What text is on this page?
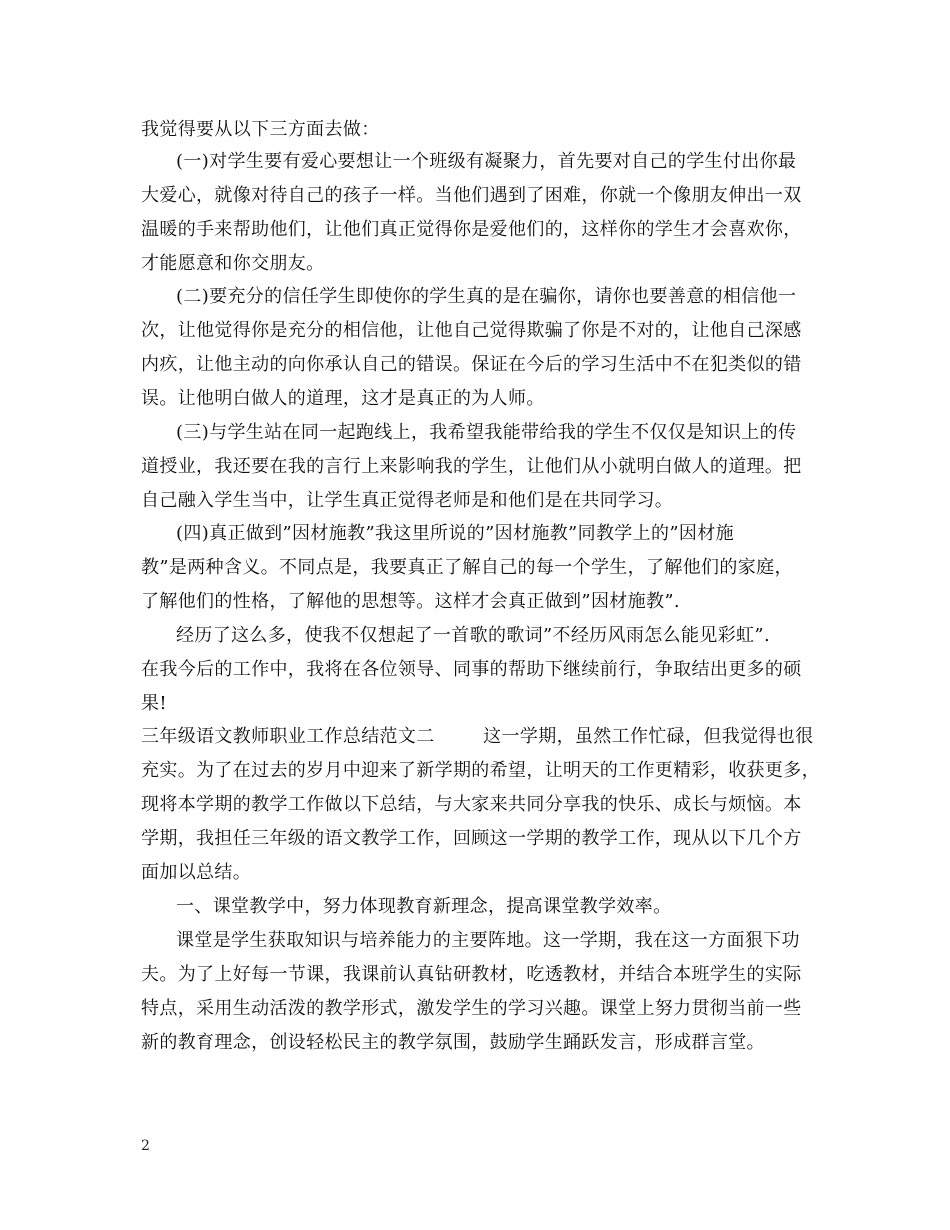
我觉得要从以下三方面去做：
(一)对学生要有爱心要想让一个班级有凝聚力，首先要对自己的学生付出你最
大爱心，就像对待自己的孩子一样。当他们遇到了困难，你就一个像朋友伸出一双
温暖的手来帮助他们，让他们真正觉得你是爱他们的，这样你的学生才会喜欢你，
才能愿意和你交朋友。
(二)要充分的信任学生即使你的学生真的是在骗你，请你也要善意的相信他一
次，让他觉得你是充分的相信他，让他自己觉得欺骗了你是不对的，让他自己深感
内疚，让他主动的向你承认自己的错误。保证在今后的学习生活中不在犯类似的错
误。让他明白做人的道理，这才是真正的为人师。
(三)与学生站在同一起跑线上，我希望我能带给我的学生不仅仅是知识上的传
道授业，我还要在我的言行上来影响我的学生，让他们从小就明白做人的道理。把
自己融入学生当中，让学生真正觉得老师是和他们是在共同学习。
(四)真正做到”因材施教”我这里所说的”因材施教”同教学上的”因材施
教”是两种含义。不同点是，我要真正了解自己的每一个学生，了解他们的家庭，
了解他们的性格，了解他的思想等。这样才会真正做到”因材施教”.
经历了这么多，使我不仅想起了一首歌的歌词”不经历风雨怎么能见彩虹”.
在我今后的工作中，我将在各位领导、同事的帮助下继续前行，争取结出更多的硕
果!
三年级语文教师职业工作总结范文二        这一学期，虽然工作忙碌，但我觉得也很
充实。为了在过去的岁月中迎来了新学期的希望，让明天的工作更精彩，收获更多，
现将本学期的教学工作做以下总结，与大家来共同分享我的快乐、成长与烦恼。本
学期，我担任三年级的语文教学工作，回顾这一学期的教学工作，现从以下几个方
面加以总结。
一、课堂教学中，努力体现教育新理念，提高课堂教学效率。
课堂是学生获取知识与培养能力的主要阵地。这一学期，我在这一方面狠下功
夫。为了上好每一节课，我课前认真钻研教材，吃透教材，并结合本班学生的实际
特点，采用生动活泼的教学形式，激发学生的学习兴趣。课堂上努力贯彻当前一些
新的教育理念，创设轻松民主的教学氛围，鼓励学生踊跃发言，形成群言堂。
2
